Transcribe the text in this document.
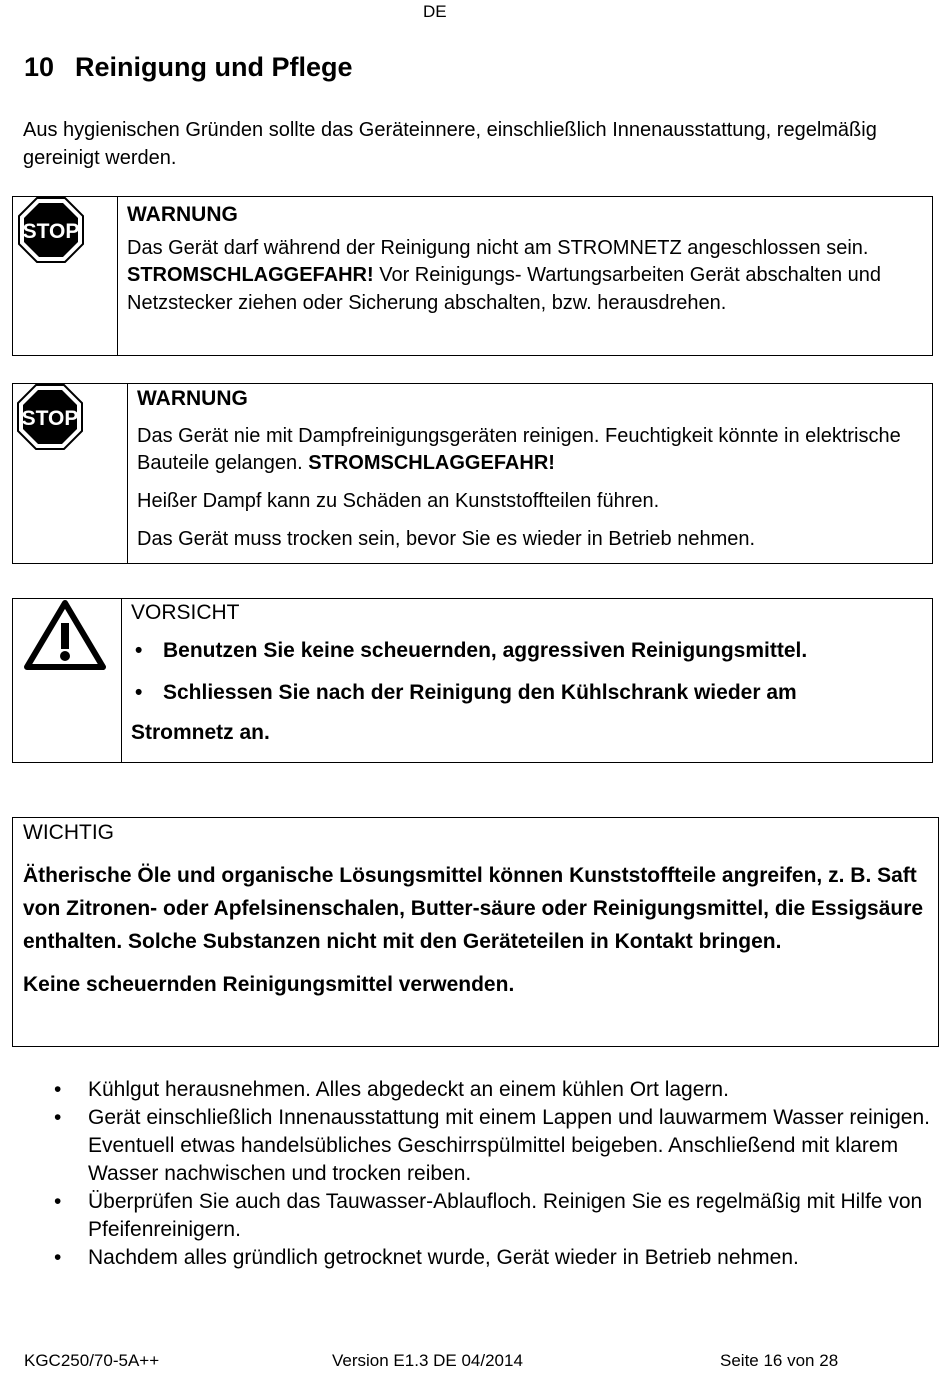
DE
10 Reinigung und Pflege
Aus hygienischen Gründen sollte das Geräteinnere, einschließlich Innenausstattung, regelmäßig gereinigt werden.
STOP

WARNUNG

Das Gerät darf während der Reinigung nicht am STROMNETZ angeschlossen sein. STROMSCHLAGGEFAHR! Vor Reinigungs- Wartungsarbeiten Gerät abschalten und Netzstecker ziehen oder Sicherung abschalten, bzw. herausdrehen.

STOP

WARNUNG

Das Gerät nie mit Dampfreinigungsgeräten reinigen. Feuchtigkeit könnte in elektrische Bauteile gelangen. STROMSCHLAGGEFAHR!

Heißer Dampf kann zu Schäden an Kunststoffteilen führen.

Das Gerät muss trocken sein, bevor Sie es wieder in Betrieb nehmen.

VORSICHT

• Benutzen Sie keine scheuernden, aggressiven Reinigungsmittel.
• Schliessen Sie nach der Reinigung den Kühlschrank wieder am

Stromnetz an.

WICHTIG

Ätherische Öle und organische Lösungsmittel können Kunststoffteile angreifen, z. B. Saft von Zitronen- oder Apfelsinenschalen, Butter-säure oder Reinigungsmittel, die Essigsäure enthalten. Solche Substanzen nicht mit den Geräteteilen in Kontakt bringen.

Keine scheuernden Reinigungsmittel verwenden.

• Kühlgut herausnehmen. Alles abgedeckt an einem kühlen Ort lagern.
• Gerät einschließlich Innenausstattung mit einem Lappen und lauwarmem Wasser reinigen. Eventuell etwas handelsübliches Geschirrspülmittel beigeben. Anschließend mit klarem Wasser nachwischen und trocken reiben.
• Überprüfen Sie auch das Tauwasser-Ablaufloch. Reinigen Sie es regelmäßig mit Hilfe von Pfeifenreinigern.
• Nachdem alles gründlich getrocknet wurde, Gerät wieder in Betrieb nehmen.
KGC250/70-5A++	Version E1.3 DE 04/2014	Seite 16 von 28
